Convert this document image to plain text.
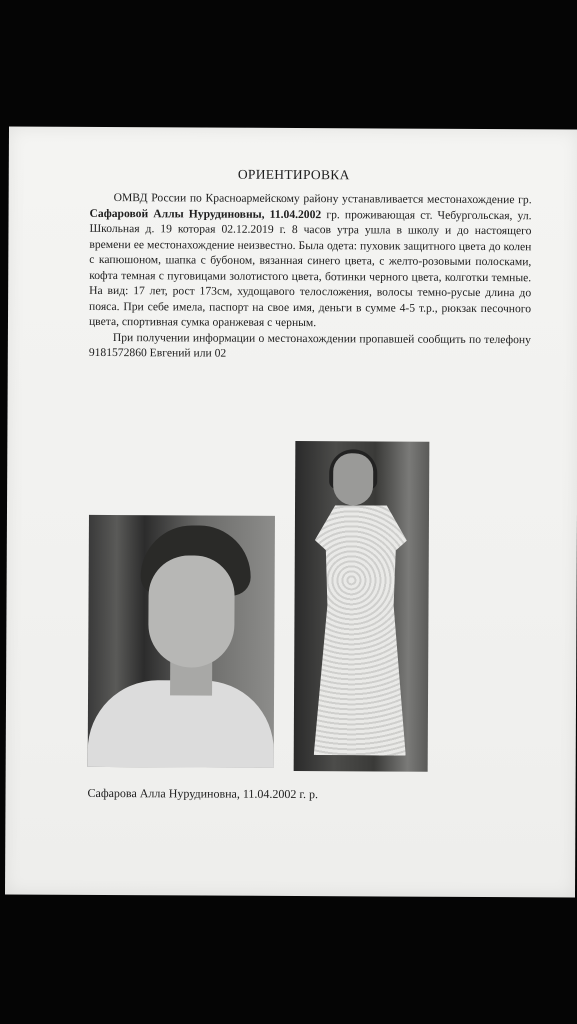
ОРИЕНТИРОВКА

ОМВД России по Красноармейскому району устанавливается местонахождение гр. Сафаровой Аллы Нурудиновны, 11.04.2002 гр. проживающая ст. Чебургольская, ул. Школьная д. 19 которая 02.12.2019 г. 8 часов утра ушла в школу и до настоящего времени ее местонахождение неизвестно. Была одета: пуховик защитного цвета до колен с капюшоном, шапка с бубоном, вязанная синего цвета, с желто-розовыми полосками, кофта темная с пуговицами золотистого цвета, ботинки черного цвета, колготки темные. На вид: 17 лет, рост 173см, худощавого телосложения, волосы темно-русые длина до пояса. При себе имела, паспорт на свое имя, деньги в сумме 4-5 т.р., рюкзак песочного цвета, спортивная сумка оранжевая с черным.

При получении информации о местонахождении пропавшей сообщить по телефону 9181572860 Евгений или 02

Сафарова Алла Нурудиновна, 11.04.2002 г. р.
